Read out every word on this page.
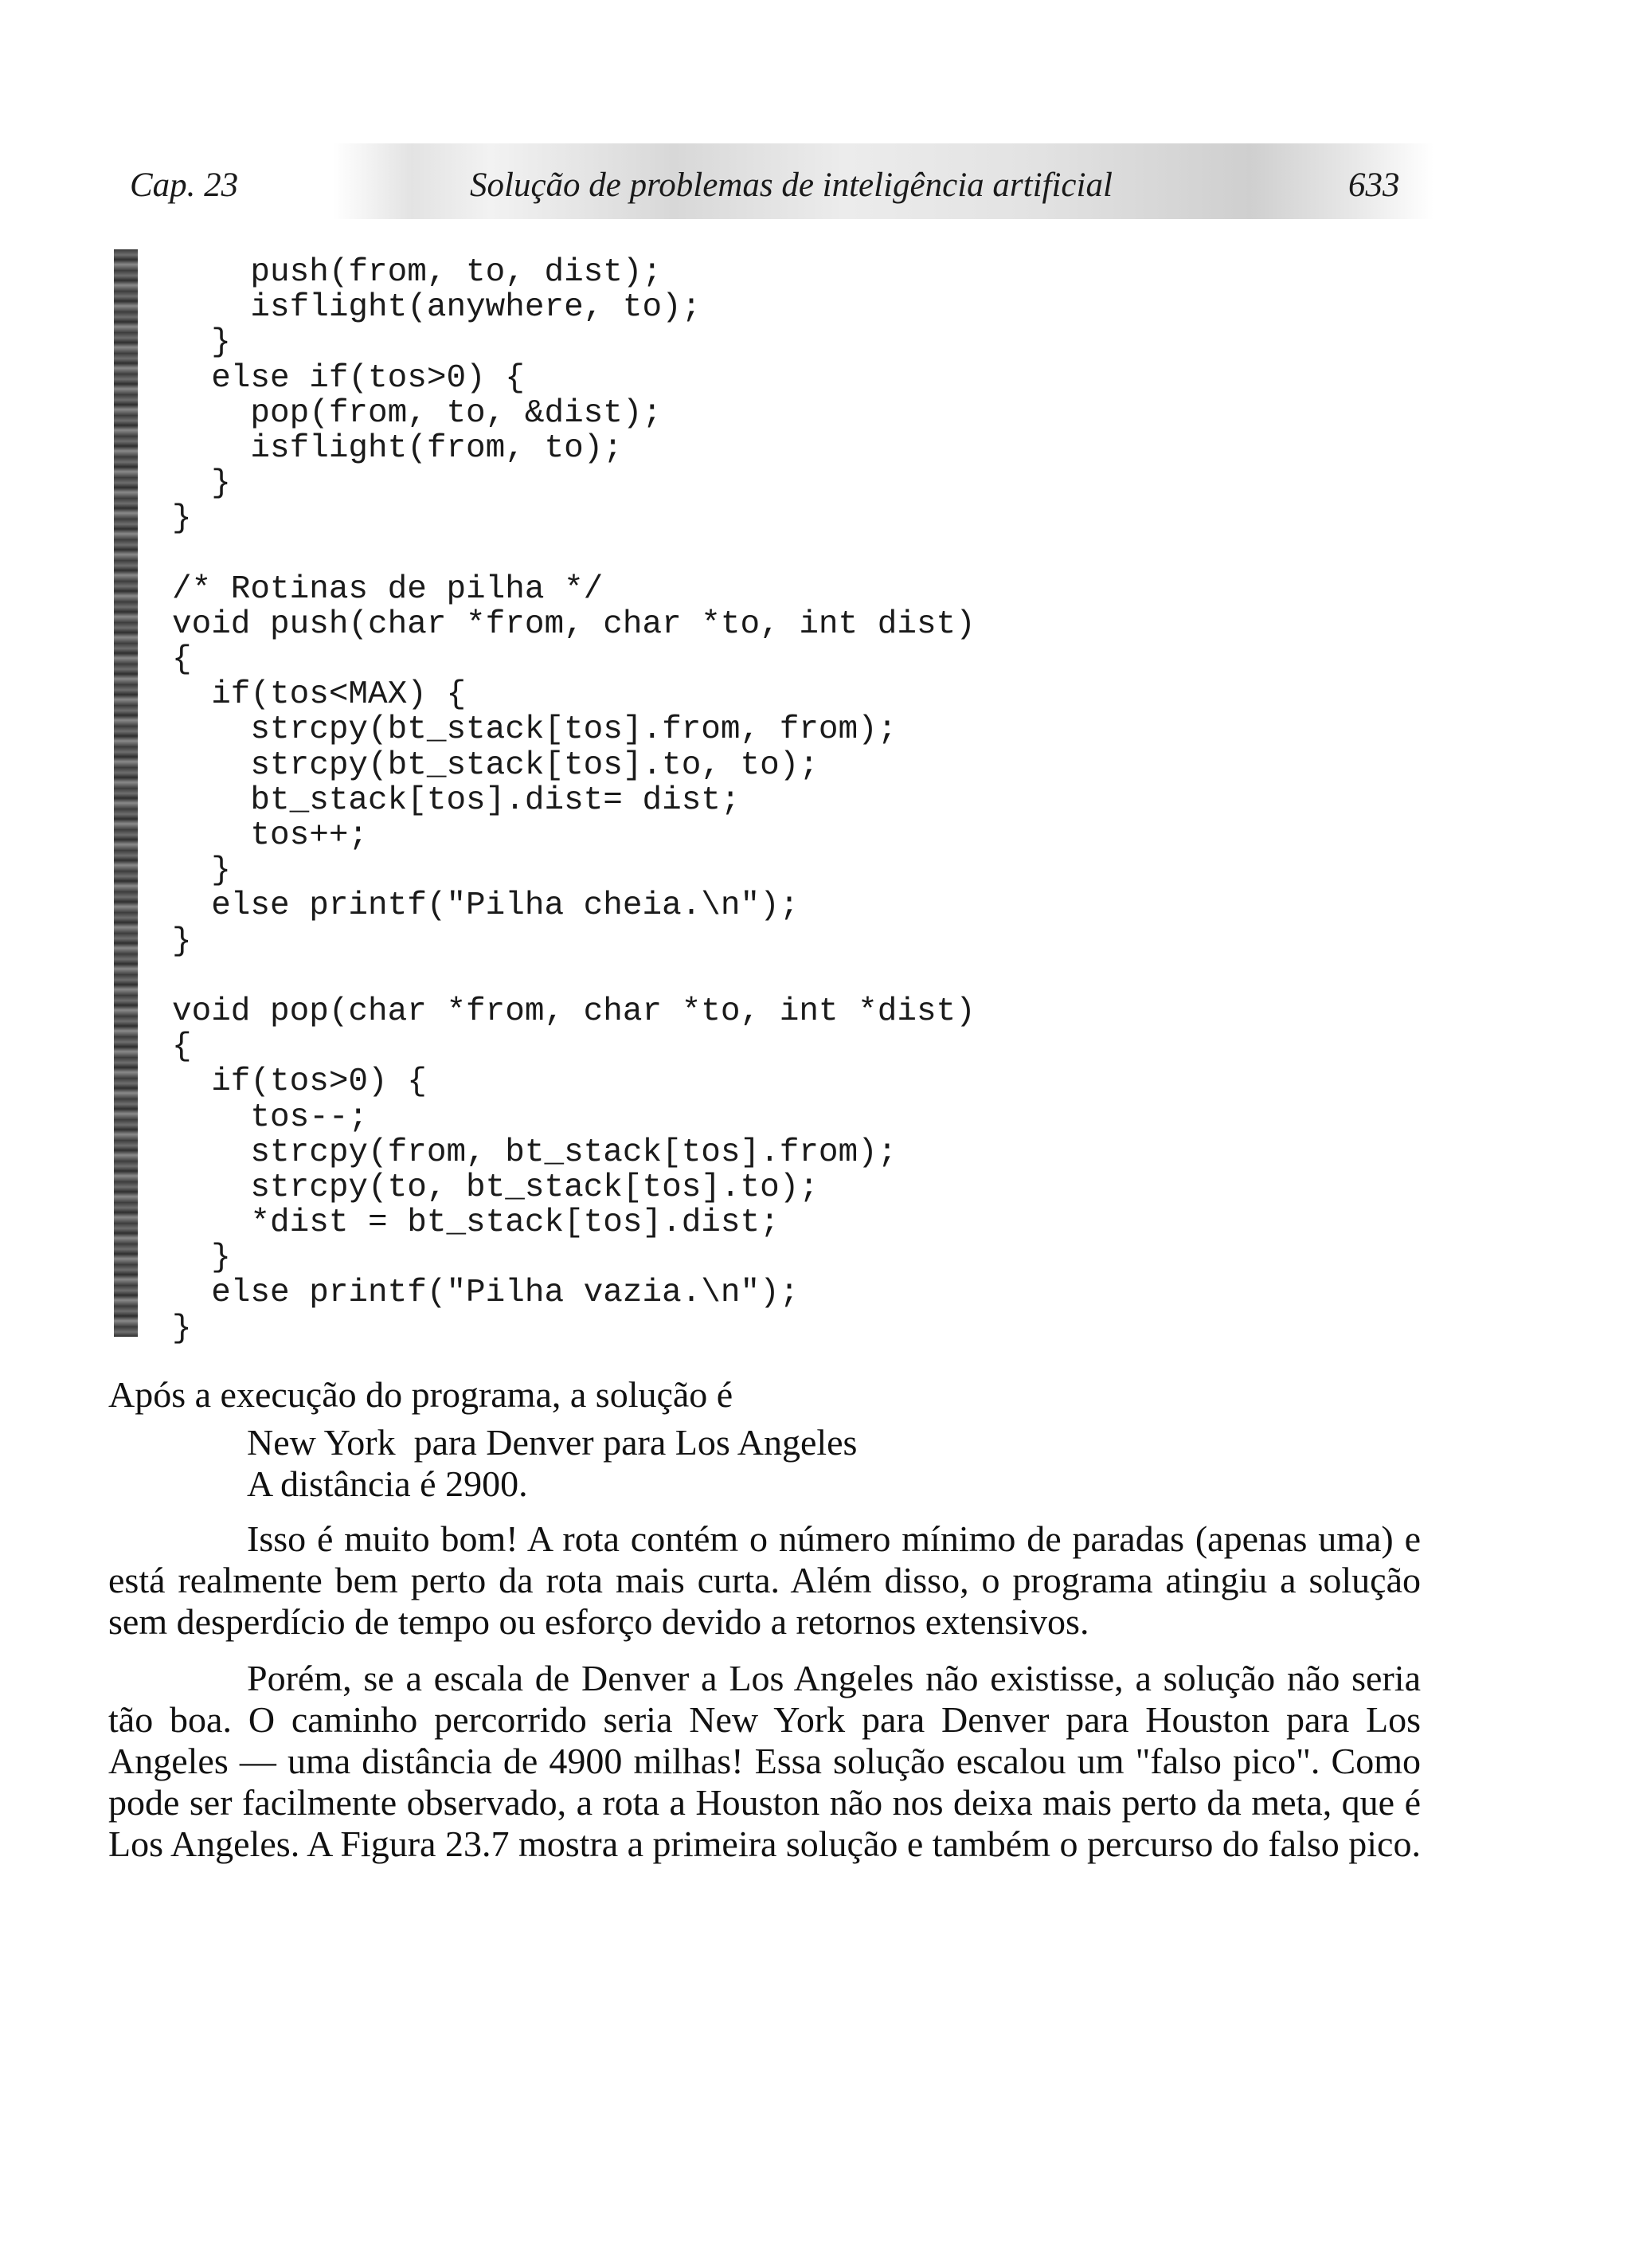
Cap. 23	Solução de problemas de inteligência artificial	633
push(from, to, dist);
isflight(anywhere, to);
}
else if(tos>0) {
pop(from, to, &dist);
isflight(from, to);
}
}
/* Rotinas de pilha */
void push(char *from, char *to, int dist)
{
if(tos<MAX) {
strcpy(bt_stack[tos].from, from);
strcpy(bt_stack[tos].to, to);
bt_stack[tos].dist= dist;
tos++;
}
else printf("Pilha cheia.\n");
}
void pop(char *from, char *to, int *dist)
{
if(tos>0) {
tos--;
strcpy(from, bt_stack[tos].from);
strcpy(to, bt_stack[tos].to);
*dist = bt_stack[tos].dist;
}
else printf("Pilha vazia.\n");
}
Após a execução do programa, a solução é
New York  para Denver para Los Angeles
A distância é 2900.
Isso é muito bom! A rota contém o número mínimo de paradas (apenas uma) e está realmente bem perto da rota mais curta. Além disso, o programa atingiu a solução sem desperdício de tempo ou esforço devido a retornos extensivos.
Porém, se a escala de Denver a Los Angeles não existisse, a solução não seria tão boa. O caminho percorrido seria New York para Denver para Houston para Los Angeles — uma distância de 4900 milhas! Essa solução escalou um "falso pico". Como pode ser facilmente observado, a rota a Houston não nos deixa mais perto da meta, que é Los Angeles. A Figura 23.7 mostra a primeira solução e também o percurso do falso pico.
